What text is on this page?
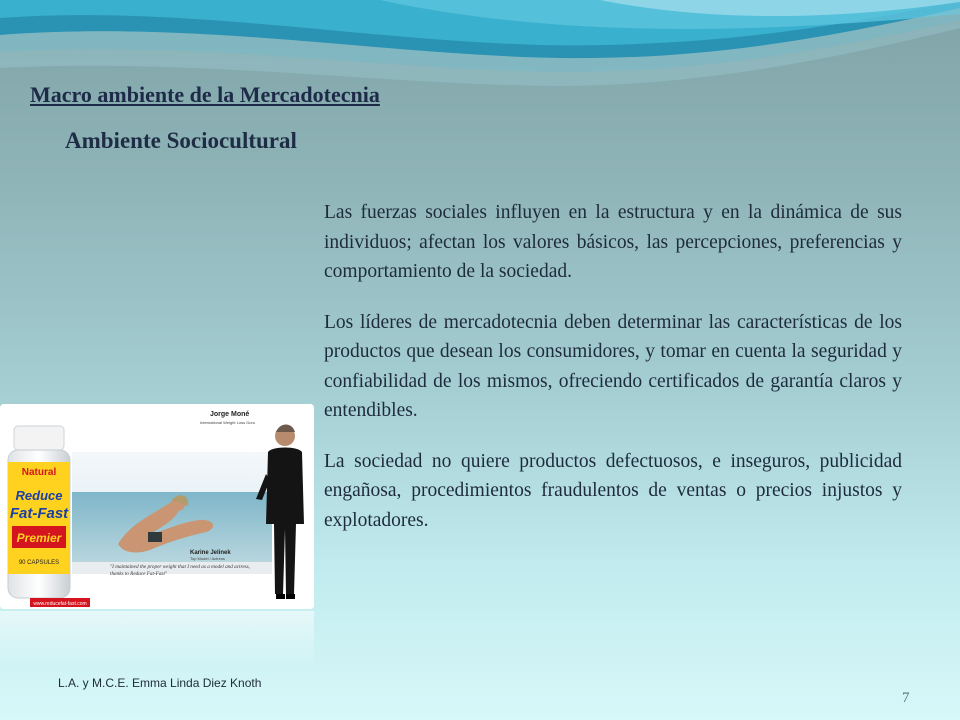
Macro ambiente de la Mercadotecnia
Ambiente Sociocultural

Las fuerzas sociales influyen en la estructura y en la dinámica de sus individuos; afectan los valores básicos, las percepciones, preferencias y comportamiento de la sociedad.

Los líderes de mercadotecnia deben determinar las características de los productos que desean los consumidores, y tomar en cuenta la seguridad y confiabilidad de los mismos, ofreciendo certificados de garantía claros y entendibles.

La sociedad no quiere productos defectuosos, e inseguros, publicidad engañosa, procedimientos fraudulentos de ventas o precios injustos y explotadores.

Natural
Reduce
Fat-Fast
Premier
90 CAPSULES
Jorge Moné
International Weight Loss Guru
Karine Jelinek
Top Model / Actress
"I maintained the proper weight that I need as a model and actress, thanks to Reduce Fat-Fast"
www.reducefat-fast.com
L.A. y M.C.E. Emma Linda Diez Knoth
7
